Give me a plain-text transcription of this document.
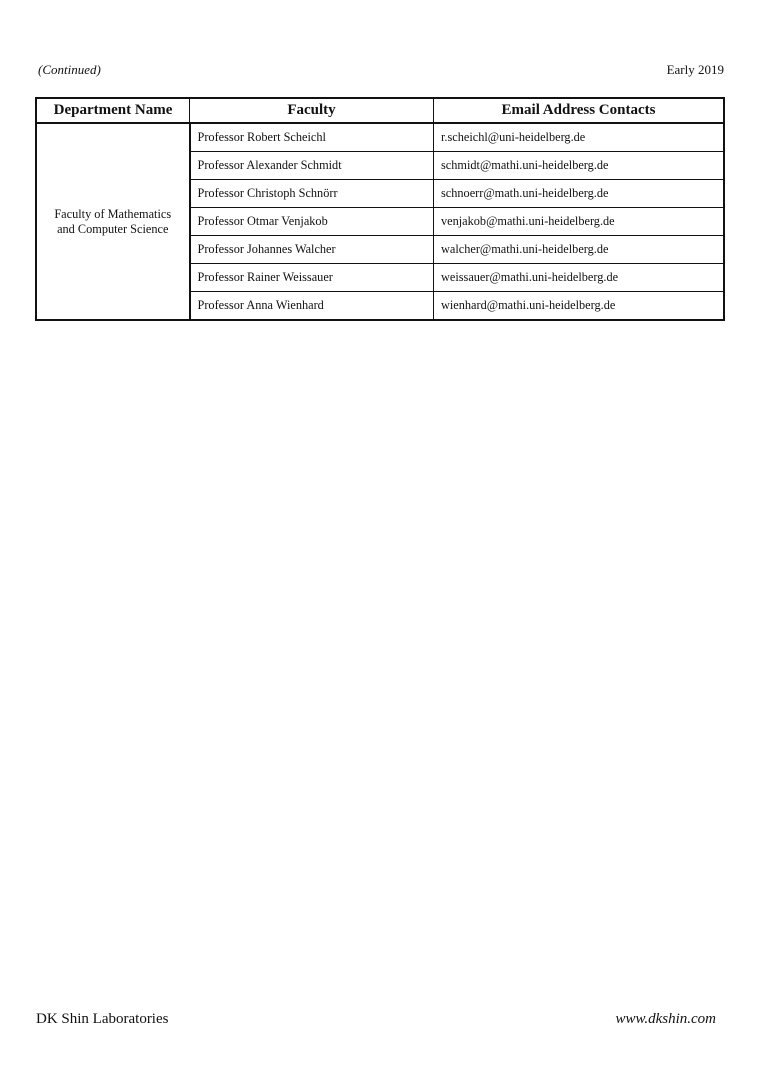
(Continued)	Early 2019
Department Name	Faculty	Email Address Contacts
Faculty of Mathematics
and Computer Science	Professor Robert Scheichl	r.scheichl@uni-heidelberg.de
	Professor Alexander Schmidt	schmidt@mathi.uni-heidelberg.de
	Professor Christoph Schnörr	schnoerr@math.uni-heidelberg.de
	Professor Otmar Venjakob	venjakob@mathi.uni-heidelberg.de
	Professor Johannes Walcher	walcher@mathi.uni-heidelberg.de
	Professor Rainer Weissauer	weissauer@mathi.uni-heidelberg.de
	Professor Anna Wienhard	wienhard@mathi.uni-heidelberg.de
DK Shin Laboratories	www.dkshin.com
